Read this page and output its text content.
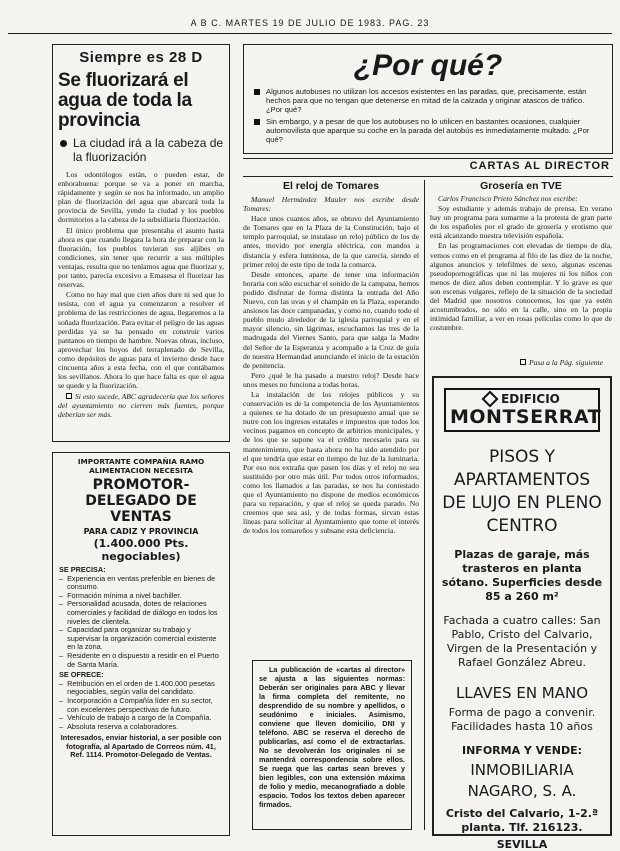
A B C. MARTES 19 DE JULIO DE 1983. PAG. 23
Siempre es 28 D
Se fluorizará el agua de toda la provincia
La ciudad irá a la cabeza de la fluorización

Los odontólogos están, o pueden estar, de enhorabuena: porque se va a poner en marcha, rápidamente y según se nos ha informado, un amplio plan de fluorización del agua que abarcará toda la provincia de Sevilla, yendo la ciudad y los pueblos dormitorios a la cabeza de la subsidiaria fluorización.

El único problema que presentaba el asunto hasta ahora es que cuando llegara la hora de preparar con la fluoración, los pueblos tuvieran sus aljibes en condiciones, sin tener que recurrir a sus múltiples ventajas, resulta que no teníamos agua que fluorizar y, por tanto, parecía excesivo a Emasesa el fluorizar las reservas.

Como no hay mal que cien años dure ni sed que lo resista, con el agua ya comenzaron a resolver el problema de las restricciones de agua, llegaremos a la soñada fluorización. Para evitar el peligro de las aguas perdidas ya se ha pensado en construir varios pantanos en tiempo de hambre. Nuevas obras, incluso, aprovechar los hoyos del terraplenado de Sevilla, como depósitos de aguas para el invierno desde hace cincuenta años a esta fecha, con el que contábamos los sevillanos. Ahora lo que hace falta es que el agua se quede y la fluorización.

Si esto sucede, ABC agradecería que los señores del ayuntamiento no cierren más fuentes, porque deberían ser más.
IMPORTANTE COMPAÑIA RAMO ALIMENTACION NECESITA
PROMOTOR-DELEGADO DE VENTAS
PARA CADIZ Y PROVINCIA
(1.400.000 Pts. negociables)
SE PRECISA:
– Experiencia en ventas preferible en bienes de consumo.
– Formación mínima a nivel bachiller.
– Personalidad acusada, dotes de relaciones comerciales y facilidad de diálogo en todos los niveles de clientela.
– Capacidad para organizar su trabajo y supervisar la organización comercial existente en la zona.
– Residente en o dispuesto a residir en el Puerto de Santa María.
SE OFRECE:
– Retribución en el orden de 1.400.000 pesetas negociables, según valía del candidato.
– Incorporación a Compañía líder en su sector, con excelentes perspectivas de futuro.
– Vehículo de trabajo a cargo de la Compañía.
– Absoluta reserva a colaboradores.
Interesados, enviar historial, a ser posible con fotografía, al Apartado de Correos núm. 41, Ref. 1114. Promotor-Delegado de Ventas.
¿Por qué?
Algunos autobuses no utilizan los accesos existentes en las paradas, que, precisamente, están hechos para que no tengan que detenerse en mitad de la calzada y originar atascos de tráfico. ¿Por qué?
Sin embargo, y a pesar de que los autobuses no lo utilicen en bastantes ocasiones, cualquier automovilista que aparque su coche en la parada del autobús es inmediatamente multado. ¿Por qué?
CARTAS AL DIRECTOR
El reloj de Tomares
Manuel Hermández Mauler nos escribe desde Tomares:

Hace unos cuantos años, se obtuvo del Ayuntamiento de Tomares que en la Plaza de la Constitución, bajo el templo parroquial, se instalase un reloj público de los de antes, movido por energía eléctrica, con mandos a distancia y esfera luminosa, de la que carecía, siendo el primer reloj de este tipo de toda la comarca.

Desde entonces, aparte de tener una información horaria con sólo escuchar el sonido de la campana, hemos podido disfrutar de forma distinta la entrada del Año Nuevo, con las uvas y el champán en la Plaza, esperando ansiosos las doce campanadas, y como no, cuando todo el pueblo mudo alrededor de la iglesia parroquial y en el mayor silencio, sin lágrimas, escuchamos las tres de la madrugada del Viernes Santo, para que salga la Madre del Señor de la Esperanza y acompañe a la Cruz de guía de nuestra Hermandad anunciando el inicio de la estación de penitencia.

Pero ¿qué le ha pasado a nuestro reloj? Desde hace unos meses no funciona a todas horas.

La instalación de los relojes públicos y su conservación es de la competencia de los Ayuntamientos a quienes se ha dotado de un presupuesto anual que se nutre con los ingresos estatales e impuestos que todos los vecinos pagamos en concepto de arbitrios municipales, y de los que se supone va el crédito necesario para su mantenimiento, que hasta ahora no ha sido atendido por el que tendría que estar en tiempo de luz de la luminaria. Por eso nos extraña que pasen los días y el reloj no sea sustituido por otro más útil. Por todos otros informados, como los llamados a las paradas, se nos ha contestado que el Ayuntamiento no dispone de medios económicos para su reparación, y que el reloj se queda parado. No creemos que sea así, y de todas formas, sirvan estas líneas para solicitar al Ayuntamiento que tome el interés de todos los tomareños y subsane esta deficiencia.

La publicación de «cartas al director» se ajusta a las siguientes normas: Deberán ser originales para ABC y llevar la firma completa del remitente, no desprendido de su nombre y apellidos, o seudónimo e iniciales. Asimismo, conviene que lleven domicilio, DNI y teléfono. ABC se reserva el derecho de publicarlas, así como el de extractarlas. No se devolverán los originales ni se mantendrá correspondencia sobre ellos. Se ruega que las cartas sean breves y bien legibles, con una extensión máxima de folio y medio, mecanografiado a doble espacio. Todos los textos deben aparecer firmados.
Grosería en TVE
Carlos Francisco Prieto Sánchez nos escribe:

Soy estudiante y además trabajo de prensa. En verano hay un programa para sumarme a la protesta de gran parte de los españoles por el grado de grosería y erotismo que está alcanzando nuestra televisión española.

En las programaciones con elevadas de tiempo de día, vemos como en el programa al filo de las diez de la noche, algunos anuncios y telefilmes de sexo, algunas escenas pseudopornográficas que ni las mujeres ni los niños con menos de diez años deben contemplar. Y lo grave es que son escenas vulgares, reflejo de la situación de la sociedad del Madrid que nosotros conocemos, los que ya estén acostumbrados, no sólo en la calle, sino en la propia intimidad familiar, a ver en rosas películas como lo que de costumbre.

Pasa a la Pág. siguiente
EDIFICIO
MONTSERRAT
PISOS Y APARTAMENTOS DE LUJO EN PLENO CENTRO
Plazas de garaje, más trasteros en planta sótano. Superficies desde 85 a 260 m²
Fachada a cuatro calles: San Pablo, Cristo del Calvario, Virgen de la Presentación y Rafael González Abreu.
LLAVES EN MANO
Forma de pago a convenir. Facilidades hasta 10 años
INFORMA Y VENDE:
INMOBILIARIA NAGARO, S. A.
Cristo del Calvario, 1-2.ª planta. Tlf. 216123.
SEVILLA
